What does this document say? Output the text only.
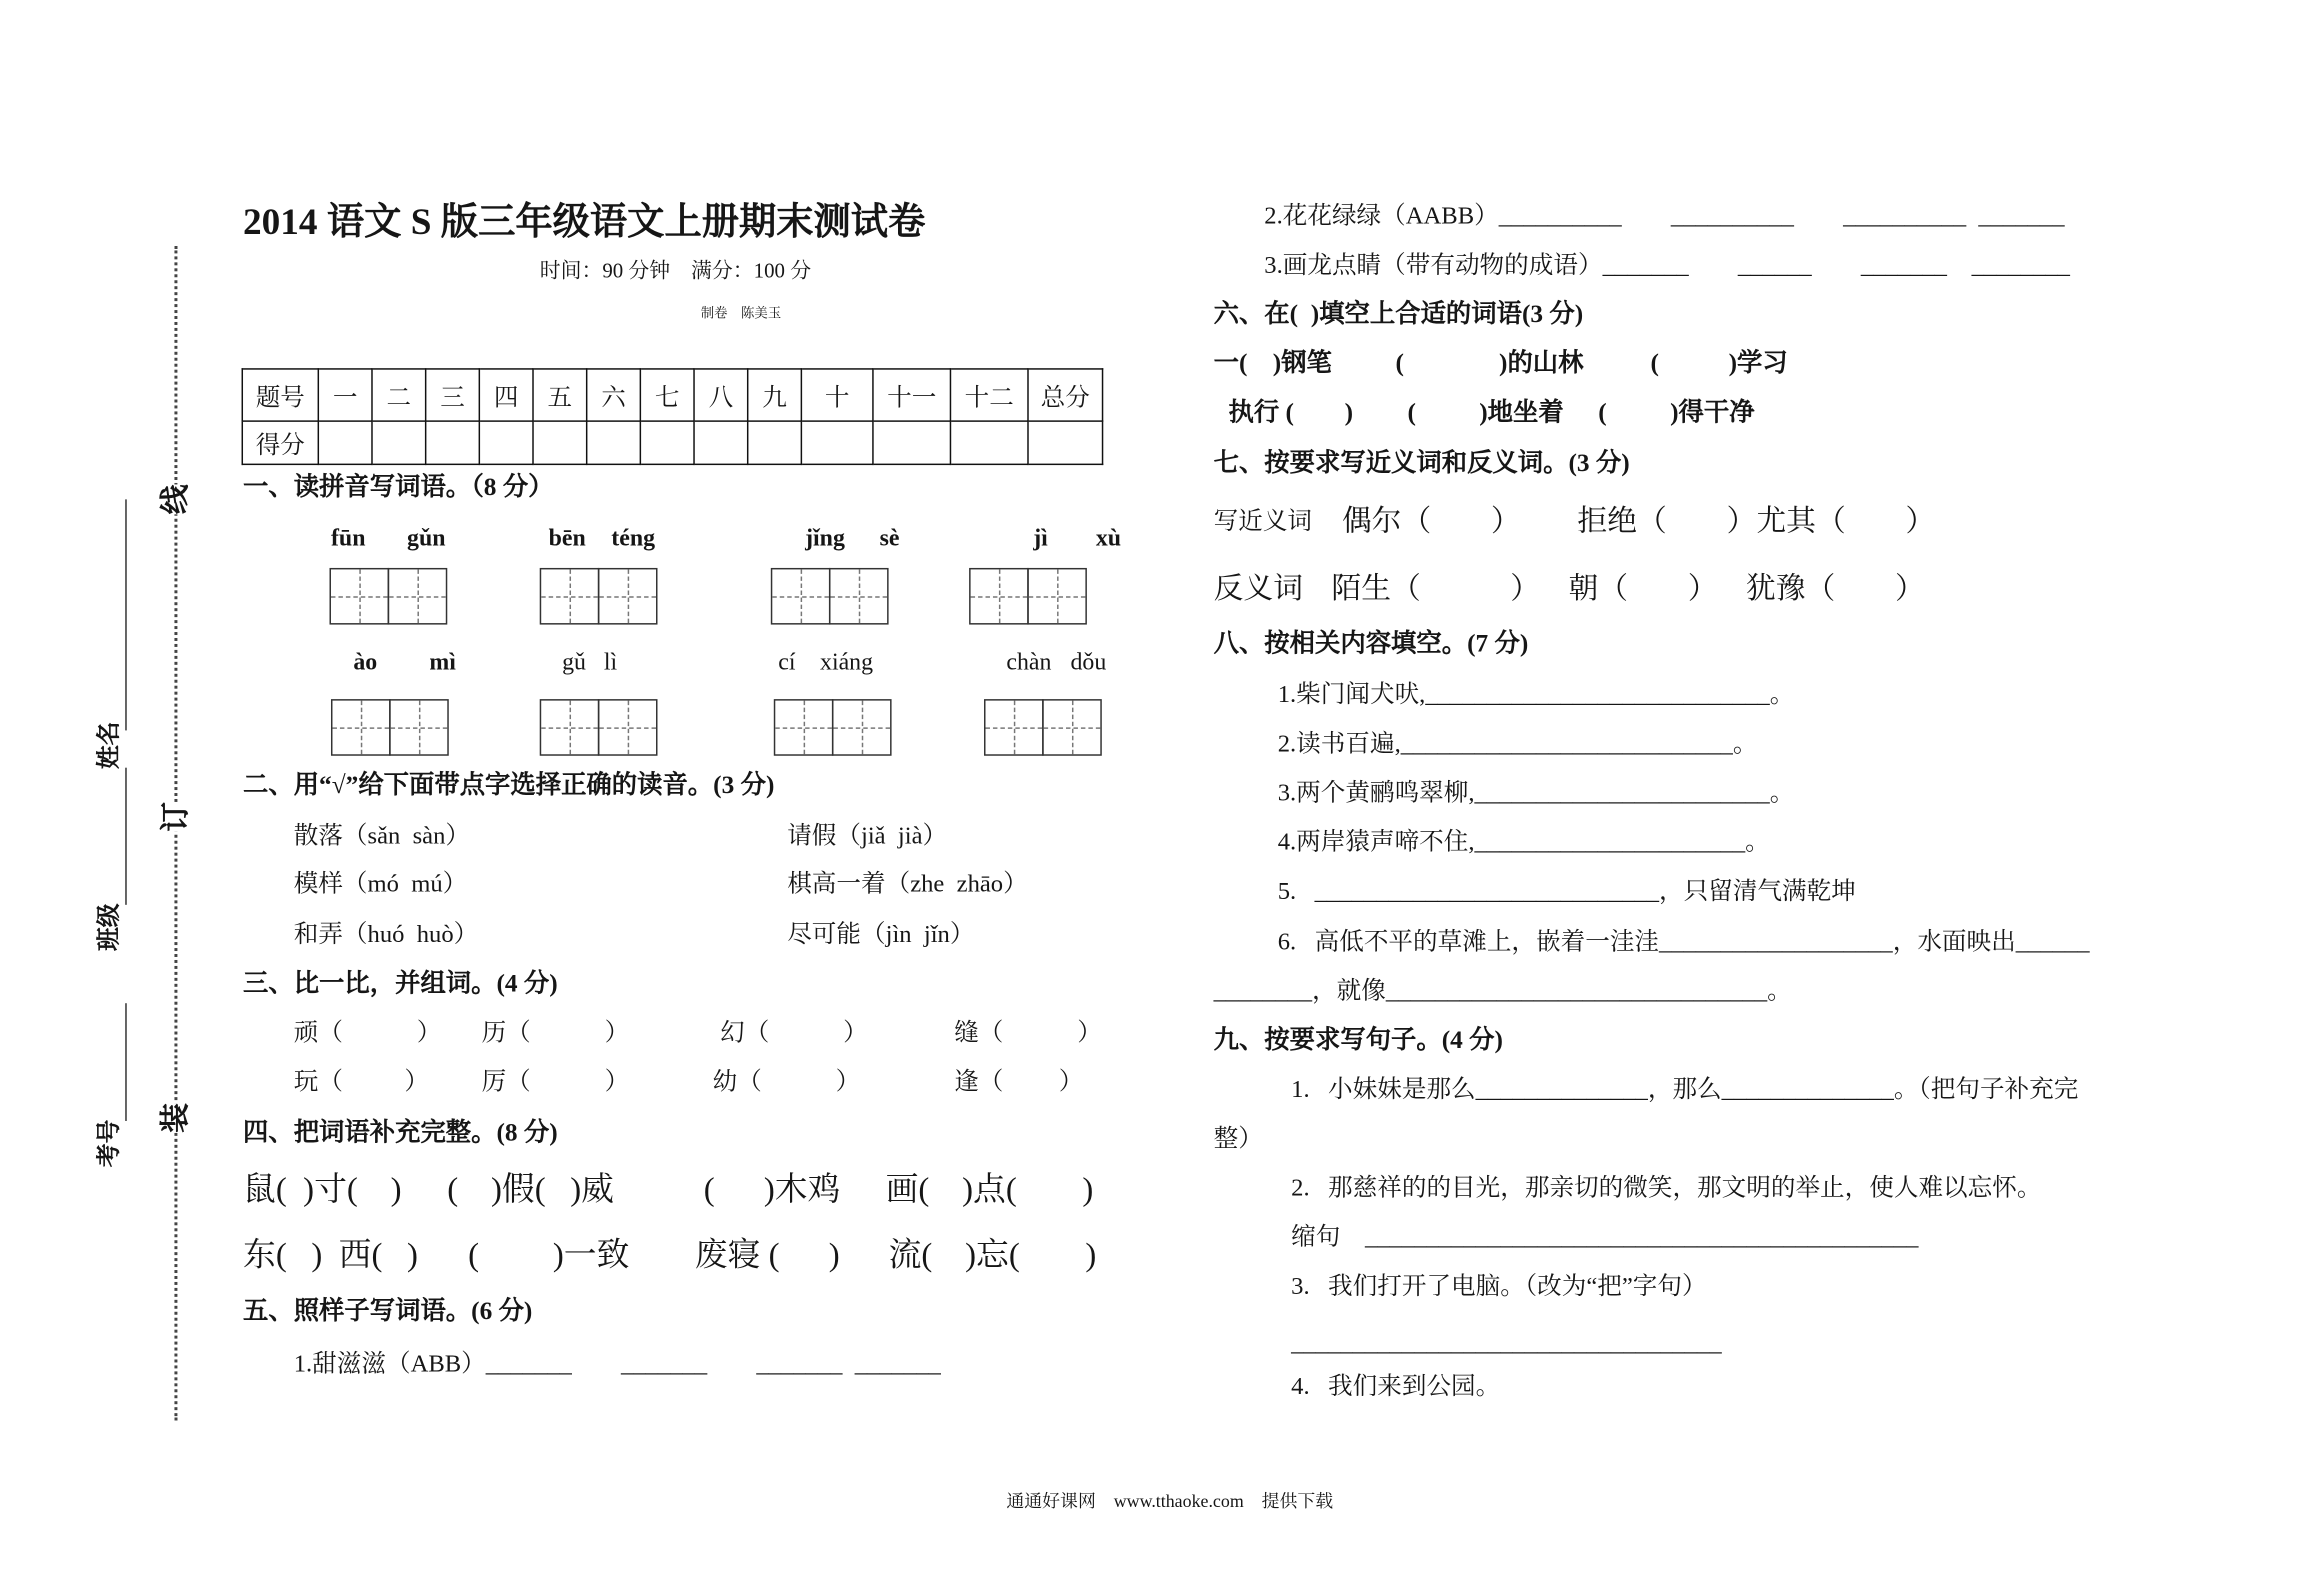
线
订
装
姓名
班级
考号
2014 语文 S 版三年级语文上册期末测试卷
时间：90 分钟　满分：100 分
制卷　陈美玉
题号	一	二	三	四	五	六	七	八	九	十	十一	十二	总分
得分													
一、读拼音写词语。（8 分）
fūn	gǔn	bēn téng	jǐng sè	jì	xù
ào	mì	gǔ lì	cí xiáng	chàn dǒu
二、用“√”给下面带点字选择正确的读音。(3 分)
散落（sǎn  sàn）	请假（jiǎ  jià）
模样（mó  mú）	棋高一着（zhe  zhāo）
和弄（huó  huò）	尽可能（jìn  jǐn）
三、比一比，并组词。(4 分)
顽（　　　） 历（　　　）	幻（　　　）	缝（　　　）
玩（　　  ）	厉（　　　）	幼（　　　）	逢（　　 ）
四、把词语补充完整。(8 分)
鼠(  )寸(    ) (    )假(   )威	(      )木鸡 画(    )点(        )
东(   )  西(   ) (         )一致	废寝 (      ) 流(    )忘(        )
五、照样子写词语。(6 分)
1.甜滋滋（ABB）_______　　_______　　_______  _______
2.花花绿绿（AABB）__________　　__________　　__________  _______
3.画龙点睛（带有动物的成语）_______　　______　　_______　________
六、在(  )填空上合适的词语(3 分)
一(    )钢笔	(               )的山林	(           )学习
执行 (        )	(          )地坐着 (          )得干净
七、按要求写近义词和反义词。(3 分)
写近义词 偶尔（　　）	拒绝（　　） 尤其（　　）
反义词 陌生（　　　） 朝（　　） 犹豫（　　）
八、按相关内容填空。(7 分)
1.柴门闻犬吠,____________________________。
2.读书百遍,___________________________。
3.两个黄鹂鸣翠柳,________________________。
4.两岸猿声啼不住,______________________。
5.   ____________________________，只留清气满乾坤
6.   高低不平的草滩上，嵌着一洼洼___________________，水面映出______
________，就像_______________________________。
九、按要求写句子。(4 分)
1.   小妹妹是那么______________，那么______________。（把句子补充完
整）
2.   那慈祥的的目光，那亲切的微笑，那文明的举止，使人难以忘怀。
缩句    _____________________________________________
3.   我们打开了电脑。（改为“把”字句）
___________________________________
4.   我们来到公园。
通通好课网　www.tthaoke.com　提供下载
